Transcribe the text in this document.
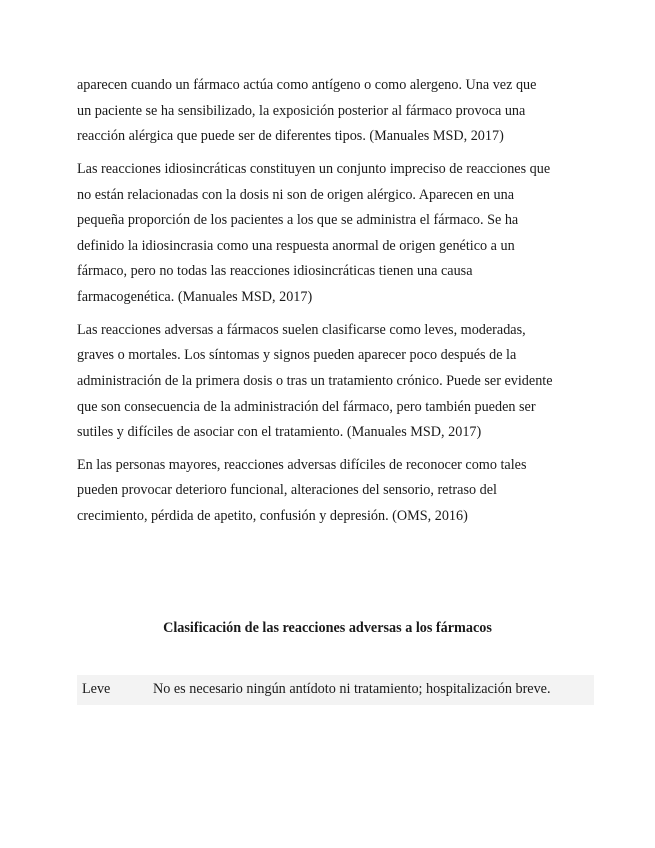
aparecen cuando un fármaco actúa como antígeno o como alergeno. Una vez que
un paciente se ha sensibilizado, la exposición posterior al fármaco provoca una
reacción alérgica que puede ser de diferentes tipos. (Manuales MSD, 2017)

Las reacciones idiosincráticas constituyen un conjunto impreciso de reacciones que
no están relacionadas con la dosis ni son de origen alérgico. Aparecen en una
pequeña proporción de los pacientes a los que se administra el fármaco. Se ha
definido la idiosincrasia como una respuesta anormal de origen genético a un
fármaco, pero no todas las reacciones idiosincráticas tienen una causa
farmacogenética. (Manuales MSD, 2017)

Las reacciones adversas a fármacos suelen clasificarse como leves, moderadas,
graves o mortales. Los síntomas y signos pueden aparecer poco después de la
administración de la primera dosis o tras un tratamiento crónico. Puede ser evidente
que son consecuencia de la administración del fármaco, pero también pueden ser
sutiles y difíciles de asociar con el tratamiento. (Manuales MSD, 2017)

En las personas mayores, reacciones adversas difíciles de reconocer como tales
pueden provocar deterioro funcional, alteraciones del sensorio, retraso del
crecimiento, pérdida de apetito, confusión y depresión. (OMS, 2016)

Clasificación de las reacciones adversas a los fármacos
Leve	No es necesario ningún antídoto ni tratamiento; hospitalización breve.
